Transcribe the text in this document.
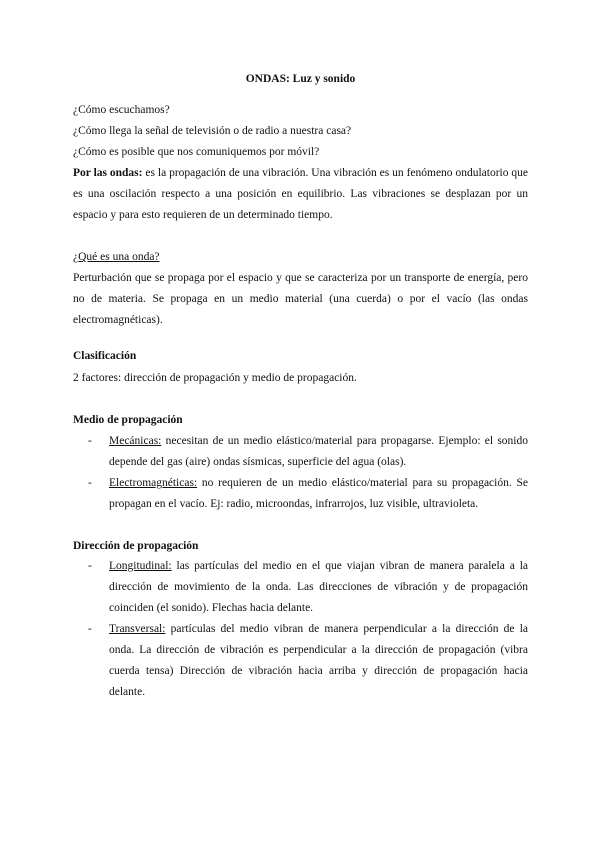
ONDAS: Luz y sonido
¿Cómo escuchamos?
¿Cómo llega la señal de televisión o de radio a nuestra casa?
¿Cómo es posible que nos comuniquemos por móvil?
Por las ondas: es la propagación de una vibración. Una vibración es un fenómeno ondulatorio que es una oscilación respecto a una posición en equilibrio. Las vibraciones se desplazan por un espacio y para esto requieren de un determinado tiempo.
¿Qué es una onda?
Perturbación que se propaga por el espacio y que se caracteriza por un transporte de energía, pero no de materia. Se propaga en un medio material (una cuerda) o por el vacío (las ondas electromagnéticas).
Clasificación
2 factores: dirección de propagación y medio de propagación.
Medio de propagación
- Mecánicas: necesitan de un medio elástico/material para propagarse. Ejemplo: el sonido depende del gas (aire) ondas sísmicas, superficie del agua (olas).
- Electromagnéticas: no requieren de un medio elástico/material para su propagación. Se propagan en el vacío. Ej: radio, microondas, infrarrojos, luz visible, ultravioleta.
Dirección de propagación
- Longitudinal: las partículas del medio en el que viajan vibran de manera paralela a la dirección de movimiento de la onda. Las direcciones de vibración y de propagación coinciden (el sonido). Flechas hacia delante.
- Transversal: partículas del medio vibran de manera perpendicular a la dirección de la onda. La dirección de vibración es perpendicular a la dirección de propagación (vibra cuerda tensa) Dirección de vibración hacia arriba y dirección de propagación hacia delante.
